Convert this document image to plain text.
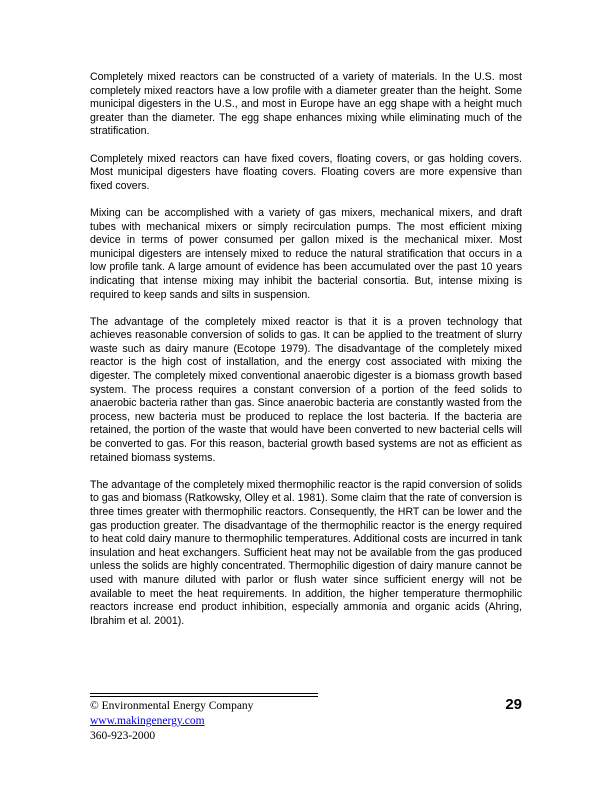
Completely mixed reactors can be constructed of a variety of materials. In the U.S. most completely mixed reactors have a low profile with a diameter greater than the height. Some municipal digesters in the U.S., and most in Europe have an egg shape with a height much greater than the diameter. The egg shape enhances mixing while eliminating much of the stratification.

Completely mixed reactors can have fixed covers, floating covers, or gas holding covers. Most municipal digesters have floating covers. Floating covers are more expensive than fixed covers.

Mixing can be accomplished with a variety of gas mixers, mechanical mixers, and draft tubes with mechanical mixers or simply recirculation pumps. The most efficient mixing device in terms of power consumed per gallon mixed is the mechanical mixer. Most municipal digesters are intensely mixed to reduce the natural stratification that occurs in a low profile tank. A large amount of evidence has been accumulated over the past 10 years indicating that intense mixing may inhibit the bacterial consortia. But, intense mixing is required to keep sands and silts in suspension.

The advantage of the completely mixed reactor is that it is a proven technology that achieves reasonable conversion of solids to gas. It can be applied to the treatment of slurry waste such as dairy manure (Ecotope 1979). The disadvantage of the completely mixed reactor is the high cost of installation, and the energy cost associated with mixing the digester. The completely mixed conventional anaerobic digester is a biomass growth based system. The process requires a constant conversion of a portion of the feed solids to anaerobic bacteria rather than gas. Since anaerobic bacteria are constantly wasted from the process, new bacteria must be produced to replace the lost bacteria. If the bacteria are retained, the portion of the waste that would have been converted to new bacterial cells will be converted to gas. For this reason, bacterial growth based systems are not as efficient as retained biomass systems.

The advantage of the completely mixed thermophilic reactor is the rapid conversion of solids to gas and biomass (Ratkowsky, Olley et al. 1981). Some claim that the rate of conversion is three times greater with thermophilic reactors. Consequently, the HRT can be lower and the gas production greater. The disadvantage of the thermophilic reactor is the energy required to heat cold dairy manure to thermophilic temperatures. Additional costs are incurred in tank insulation and heat exchangers. Sufficient heat may not be available from the gas produced unless the solids are highly concentrated. Thermophilic digestion of dairy manure cannot be used with manure diluted with parlor or flush water since sufficient energy will not be available to meet the heat requirements. In addition, the higher temperature thermophilic reactors increase end product inhibition, especially ammonia and organic acids (Ahring, Ibrahim et al. 2001).

© Environmental Energy Company
www.makingenergy.com
360-923-2000
29
